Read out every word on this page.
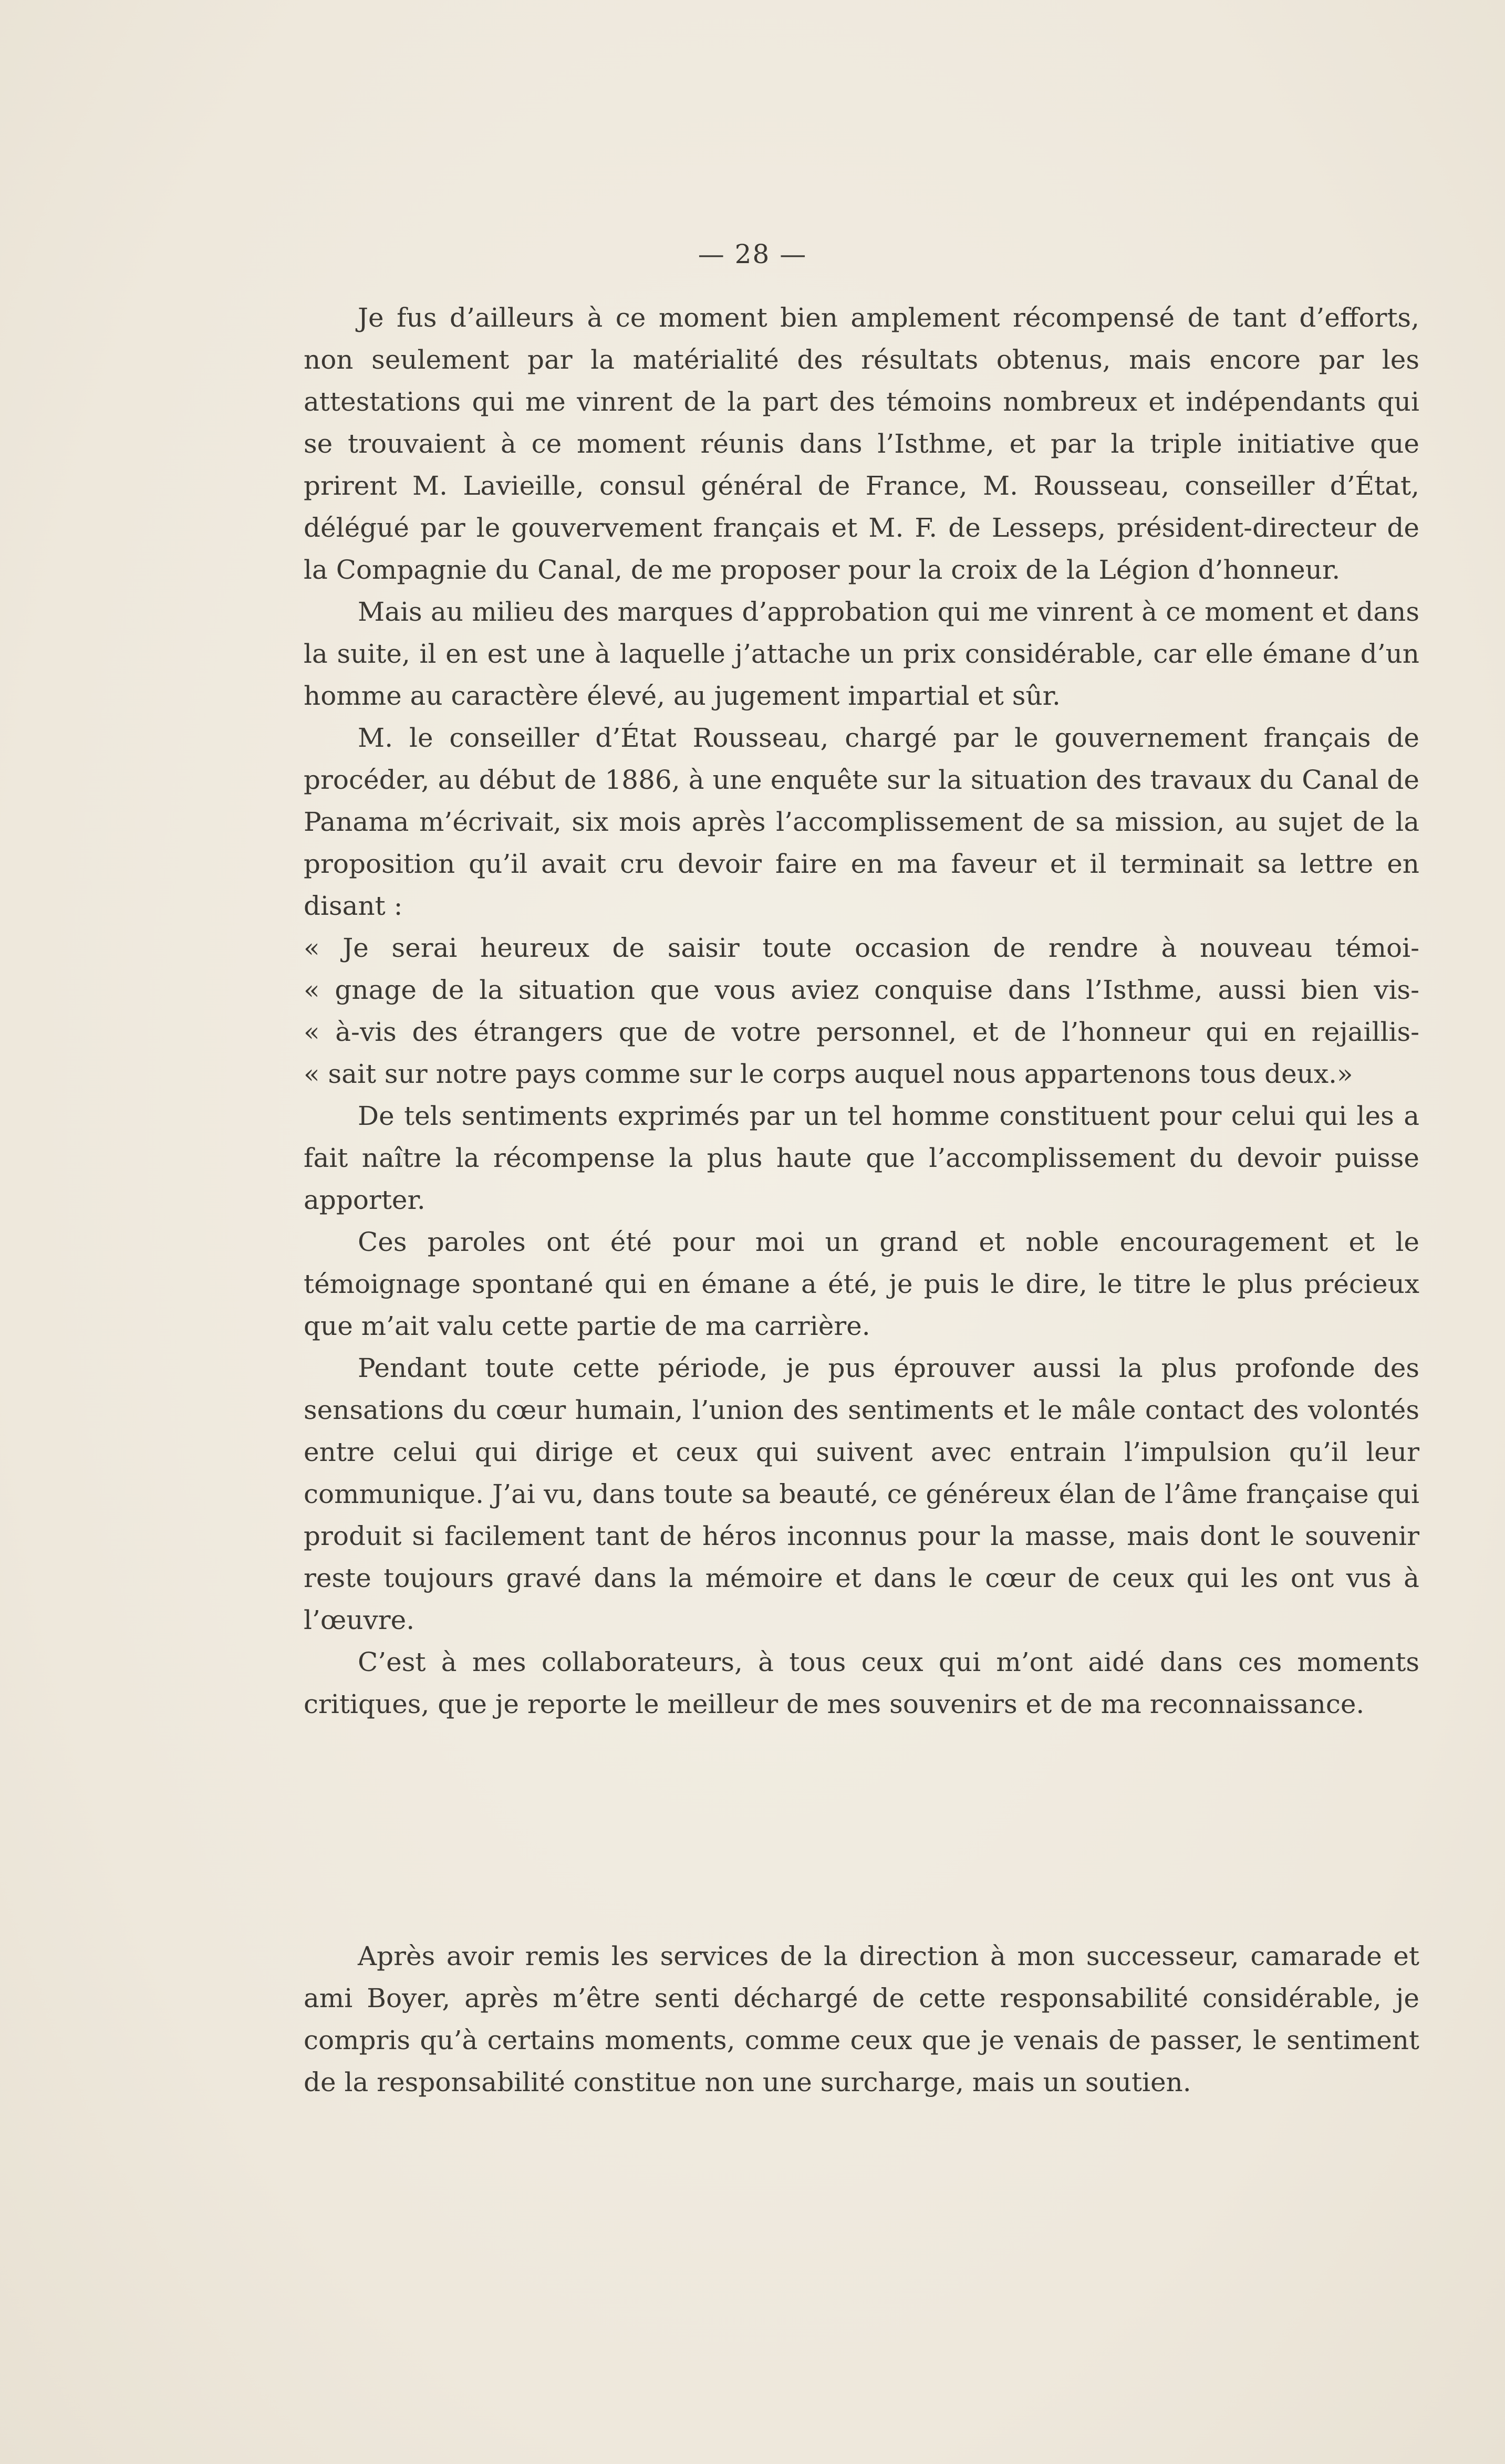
— 28 —

Je fus d’ailleurs à ce moment bien amplement récompensé de tant d’efforts, non seulement par la matérialité des résultats obtenus, mais encore par les attestations qui me vinrent de la part des témoins nombreux et indépendants qui se trouvaient à ce moment réunis dans l’Isthme, et par la triple initiative que prirent M. Lavieille, consul général de France, M. Rousseau, conseiller d’État, délégué par le gouvervement français et M. F. de Lesseps, président-directeur de la Compagnie du Canal, de me proposer pour la croix de la Légion d’honneur.

Mais au milieu des marques d’approbation qui me vinrent à ce moment et dans la suite, il en est une à laquelle j’attache un prix considérable, car elle émane d’un homme au caractère élevé, au jugement impartial et sûr.

M. le conseiller d’État Rousseau, chargé par le gouvernement français de procéder, au début de 1886, à une enquête sur la situation des travaux du Canal de Panama m’écrivait, six mois après l’accomplissement de sa mission, au sujet de la proposition qu’il avait cru devoir faire en ma faveur et il terminait sa lettre en disant :

« Je serai heureux de saisir toute occasion de rendre à nouveau témoi-
« gnage de la situation que vous aviez conquise dans l’Isthme, aussi bien vis-
« à-vis des étrangers que de votre personnel, et de l’honneur qui en rejaillis-
« sait sur notre pays comme sur le corps auquel nous appartenons tous deux.»

De tels sentiments exprimés par un tel homme constituent pour celui qui les a fait naître la récompense la plus haute que l’accomplissement du devoir puisse apporter.

Ces paroles ont été pour moi un grand et noble encouragement et le témoignage spontané qui en émane a été, je puis le dire, le titre le plus précieux que m’ait valu cette partie de ma carrière.

Pendant toute cette période, je pus éprouver aussi la plus profonde des sensations du cœur humain, l’union des sentiments et le mâle contact des volontés entre celui qui dirige et ceux qui suivent avec entrain l’impulsion qu’il leur communique. J’ai vu, dans toute sa beauté, ce généreux élan de l’âme française qui produit si facilement tant de héros inconnus pour la masse, mais dont le souvenir reste toujours gravé dans la mémoire et dans le cœur de ceux qui les ont vus à l’œuvre.

C’est à mes collaborateurs, à tous ceux qui m’ont aidé dans ces moments critiques, que je reporte le meilleur de mes souvenirs et de ma reconnaissance.

Après avoir remis les services de la direction à mon successeur, camarade et ami Boyer, après m’être senti déchargé de cette responsabilité considérable, je compris qu’à certains moments, comme ceux que je venais de passer, le sentiment de la responsabilité constitue non une surcharge, mais un soutien.
